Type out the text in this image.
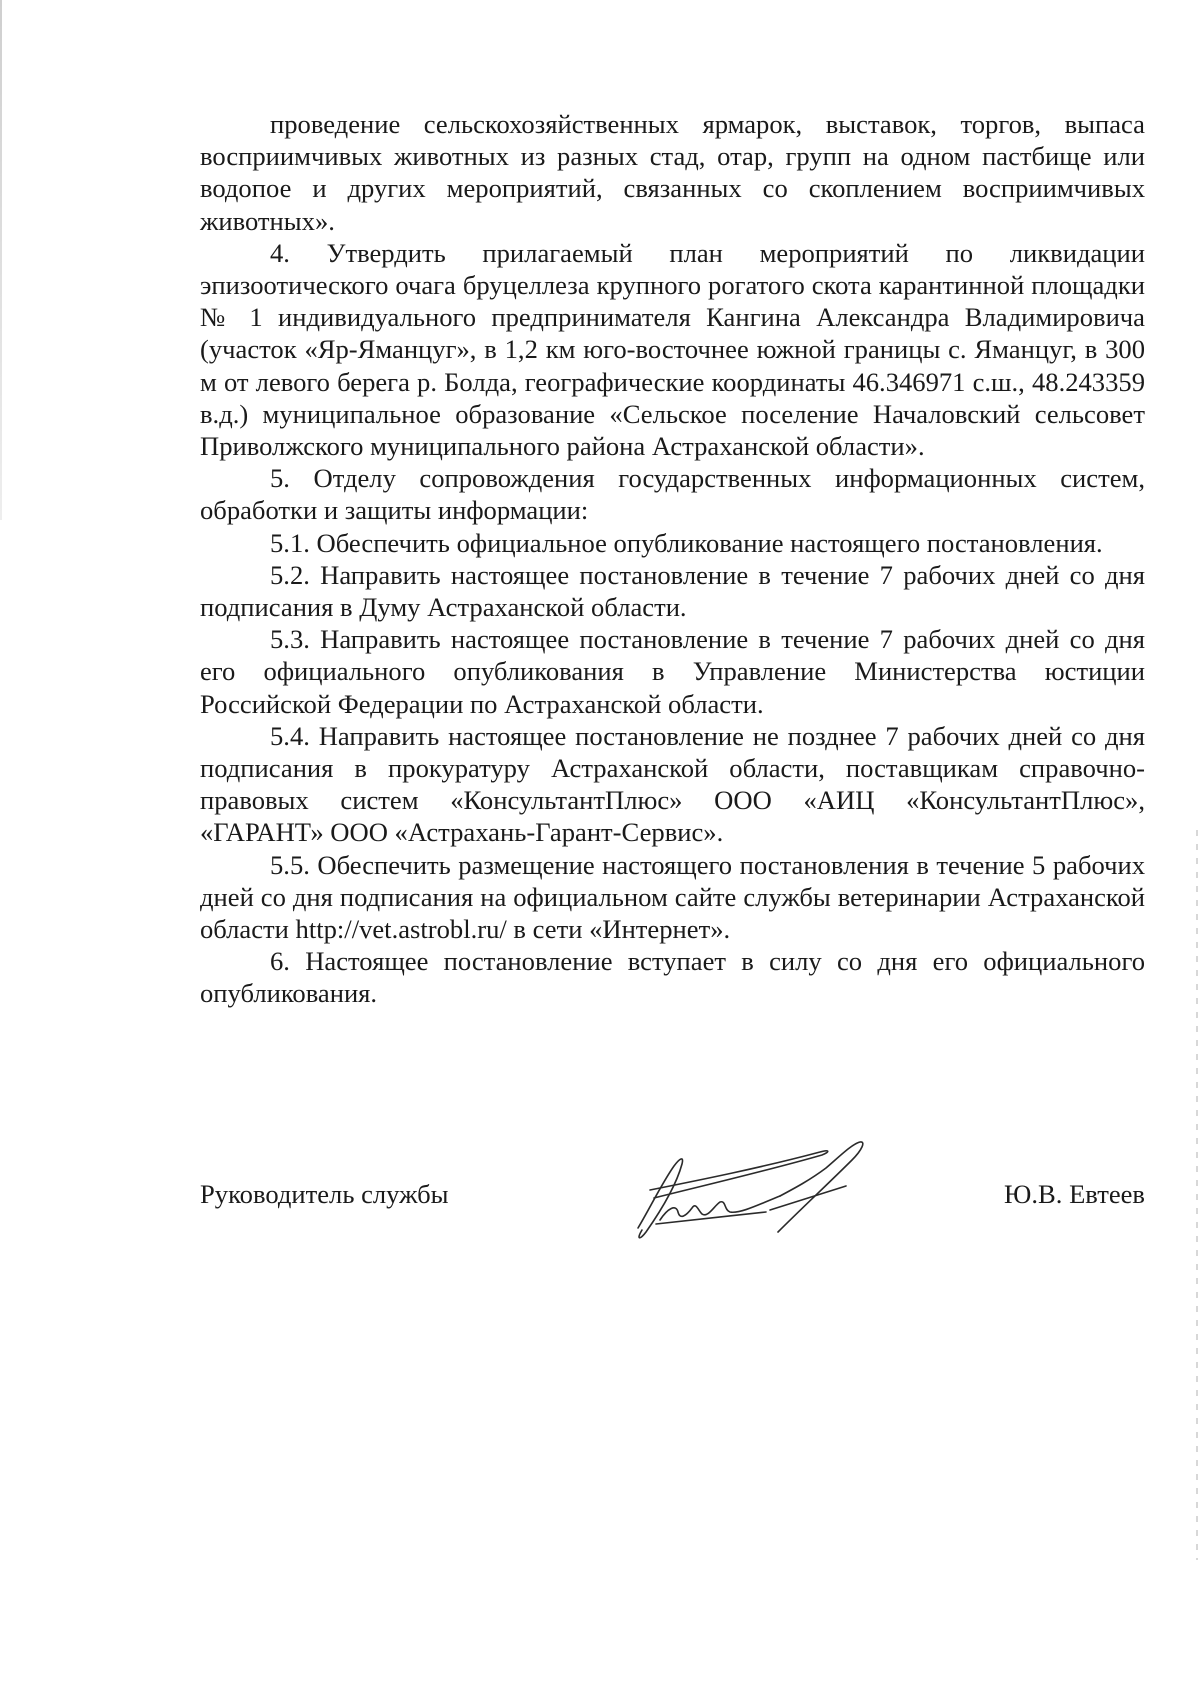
проведение сельскохозяйственных ярмарок, выставок, торгов, выпаса восприимчивых животных из разных стад, отар, групп на одном пастбище или водопое и других мероприятий, связанных со скоплением восприимчивых животных».

4. Утвердить прилагаемый план мероприятий по ликвидации эпизоотического очага бруцеллеза крупного рогатого скота карантинной площадки № 1 индивидуального предпринимателя Кангина Александра Владимировича (участок «Яр-Яманцуг», в 1,2 км юго-восточнее южной границы с. Яманцуг, в 300 м от левого берега р. Болда, географические координаты 46.346971 с.ш., 48.243359 в.д.) муниципальное образование «Сельское поселение Началовский сельсовет Приволжского муниципального района Астраханской области».

5. Отделу сопровождения государственных информационных систем, обработки и защиты информации:

5.1. Обеспечить официальное опубликование настоящего постановления.

5.2. Направить настоящее постановление в течение 7 рабочих дней со дня подписания в Думу Астраханской области.

5.3. Направить настоящее постановление в течение 7 рабочих дней со дня его официального опубликования в Управление Министерства юстиции Российской Федерации по Астраханской области.

5.4. Направить настоящее постановление не позднее 7 рабочих дней со дня подписания в прокуратуру Астраханской области, поставщикам справочно-правовых систем «КонсультантПлюс» ООО «АИЦ «КонсультантПлюс», «ГАРАНТ» ООО «Астрахань-Гарант-Сервис».

5.5. Обеспечить размещение настоящего постановления в течение 5 рабочих дней со дня подписания на официальном сайте службы ветеринарии Астраханской области http://vet.astrobl.ru/ в сети «Интернет».

6. Настоящее постановление вступает в силу со дня его официального опубликования.

Руководитель службы	Ю.В. Евтеев
